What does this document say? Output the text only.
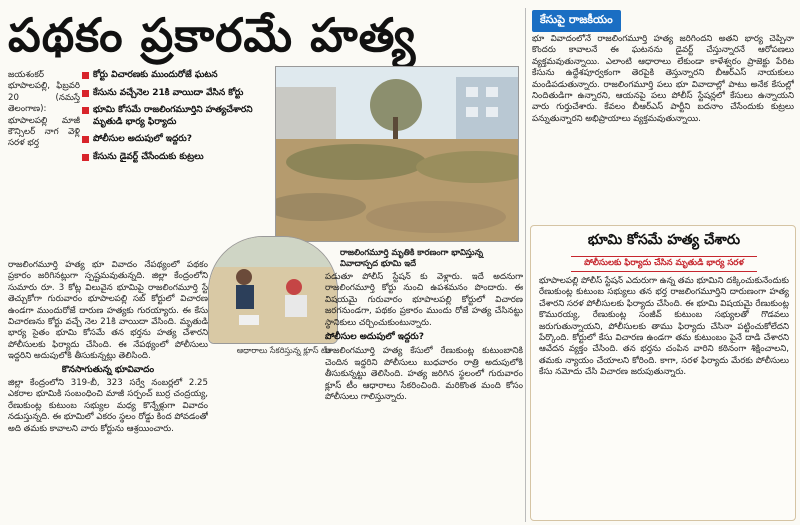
పథకం ప్రకారమే హత్య
జయశంకర్ భూపాలపల్లి, ఫిబ్రవరి 20 (నమస్తే తెలంగాణ): భూపాలపల్లి మాజీ కౌన్సిలర్ నాగ వెళ్లి సరళ భర్త
కోర్టు విచారణకు ముందురోజే ఘటన
కేసును వచ్చేనెల 21కి వాయిదా వేసిన కోర్టు
భూమి కోసమే రాజలింగమూర్తిని హత్యచేశారని మృతుడి భార్య ఫిర్యాదు
పోలీసుల అదుపులో ఇద్దరు?
కేసును డైవర్ట్ చేసేందుకు కుట్రలు
రాజలింగమూర్తి మృతికి కారణంగా భావిస్తున్న వివాదాస్పద భూమి ఇదే

రాజలింగమూర్తి హత్య భూ వివాదం నేపథ్యంలో పథకం ప్రకారం జరిగినట్లుగా స్పష్టమవుతున్నది. జిల్లా కేంద్రంలోని సుమారు రూ. 3 కోట్ల విలువైన భూమిపై రాజలింగమూర్తి స్టే తెచ్చుకోగా గురువారం భూపాలపల్లి సబ్ కోర్టులో విచారణ ఉండగా ముందురోజే దారుణ హత్యకు గురయ్యారు. ఈ కేసు విచారణను కోర్టు వచ్చే నెల 21కి వాయిదా వేసింది. మృతుడి భార్య సైతం భూమి కోసమే తన భర్తను హత్య చేశారని పోలీసులకు ఫిర్యాదు చేసింది. ఈ నేపథ్యంలో పోలీసులు ఇద్దరిని అదుపులోకి తీసుకున్నట్లు తెలిసింది.

కొనసాగుతున్న భూవివాదం

జిల్లా కేంద్రంలోని 319-బీ, 323 సర్వే నంబర్లలో 2.25 ఎకరాల భూమికి సంబంధించి మాజీ సర్పంచ్ బుర్ర చంద్రయ్య, రేణుకుంట్ల కుటుంబ సభ్యుల మధ్య కొన్నేళ్లుగా వివాదం నడుస్తున్నది. ఈ భూమిలో ఎకరం స్థలం రోడ్డు కింద పోవడంతో అది తమకు కావాలని వారు కోర్టును ఆశ్రయించారు.

ఆధారాలు సేకరిస్తున్న క్లూస్ టీం

పడుతూ పోలీస్ స్టేషన్ కు వెళ్లారు. ఇదే అదనుగా రాజలింగమూర్తి కోర్టు నుంచి ఉపశమనం పొందారు. ఈ విషయమై గురువారం భూపాలపల్లి కోర్టులో విచారణ జరగనుండగా, పథకం ప్రకారం ముందు రోజే హత్య చేసినట్టు స్థానికులు చర్చించుకుంటున్నారు.

పోలీసుల అదుపులో ఇద్దరు?

రాజలింగమూర్తి హత్య కేసులో రేణుకుంట్ల కుటుంబానికి చెందిన ఇద్దరిని పోలీసులు బుధవారం రాత్రి అదుపులోకి తీసుకున్నట్టు తెలిసింది. హత్య జరిగిన స్థలంలో గురువారం క్లూస్ టీం ఆధారాలు సేకరించింది. మరికొంత మంది కోసం పోలీసులు గాలిస్తున్నారు.

కేసుపై రాజకీయం
భూ వివాదంలోనే రాజలింగమూర్తి హత్య జరిగిందని అతని భార్య చెప్పినా కొందరు కావాలనే ఈ ఘటనను డైవర్ట్ చేస్తున్నారనే ఆరోపణలు వ్యక్తమవుతున్నాయి. ఎలాంటి ఆధారాలు లేకుండా కాళేశ్వరం ప్రాజెక్టు పేరిట కేసును ఉద్దేశపూర్వకంగా తెరపైకి తెస్తున్నారని బీఆర్ఎస్ నాయకులు మండిపడుతున్నారు. రాజలింగమూర్తి పలు భూ వివాదాల్లో పాటు అనేక కేసుల్లో నిందితుడిగా ఉన్నారని, ఆయనపై పలు పోలీస్ స్టేషన్లలో కేసులు ఉన్నాయని వారు గుర్తుచేశారు. కేవలం బీఆర్ఎస్ పార్టీని బదనాం చేసేందుకు కుట్రలు పన్నుతున్నారని అభిప్రాయాలు వ్యక్తమవుతున్నాయి.
భూమి కోసమే హత్య చేశారు
పోలీసులకు ఫిర్యాదు చేసిన మృతుడి భార్య సరళ
భూపాలపల్లి పోలీస్ స్టేషన్ ఎదురుగా ఉన్న తమ భూమిని దక్కించుకునేందుకు రేణుకుంట్ల కుటుంబ సభ్యులు తన భర్త రాజలింగమూర్తిని దారుణంగా హత్య చేశారని సరళ పోలీసులకు ఫిర్యాదు చేసింది. ఈ భూమి విషయమై రేణుకుంట్ల కొమురయ్య, రేణుకుంట్ల సంజీవ్ కుటుంబ సభ్యులతో గొడవలు జరుగుతున్నాయని, పోలీసులకు తాము ఫిర్యాదు చేసినా పట్టించుకోలేదని పేర్కొంది. కోర్టులో కేసు విచారణ ఉండగా తమ కుటుంబం పైనే దాడి చేశారని ఆవేదన వ్యక్తం చేసింది. తన భర్తను చంపిన వారిని కఠినంగా శిక్షించాలని, తమకు న్యాయం చేయాలని కోరింది. కాగా, సరళ ఫిర్యాదు మేరకు పోలీసులు కేసు నమోదు చేసి విచారణ జరుపుతున్నారు.
